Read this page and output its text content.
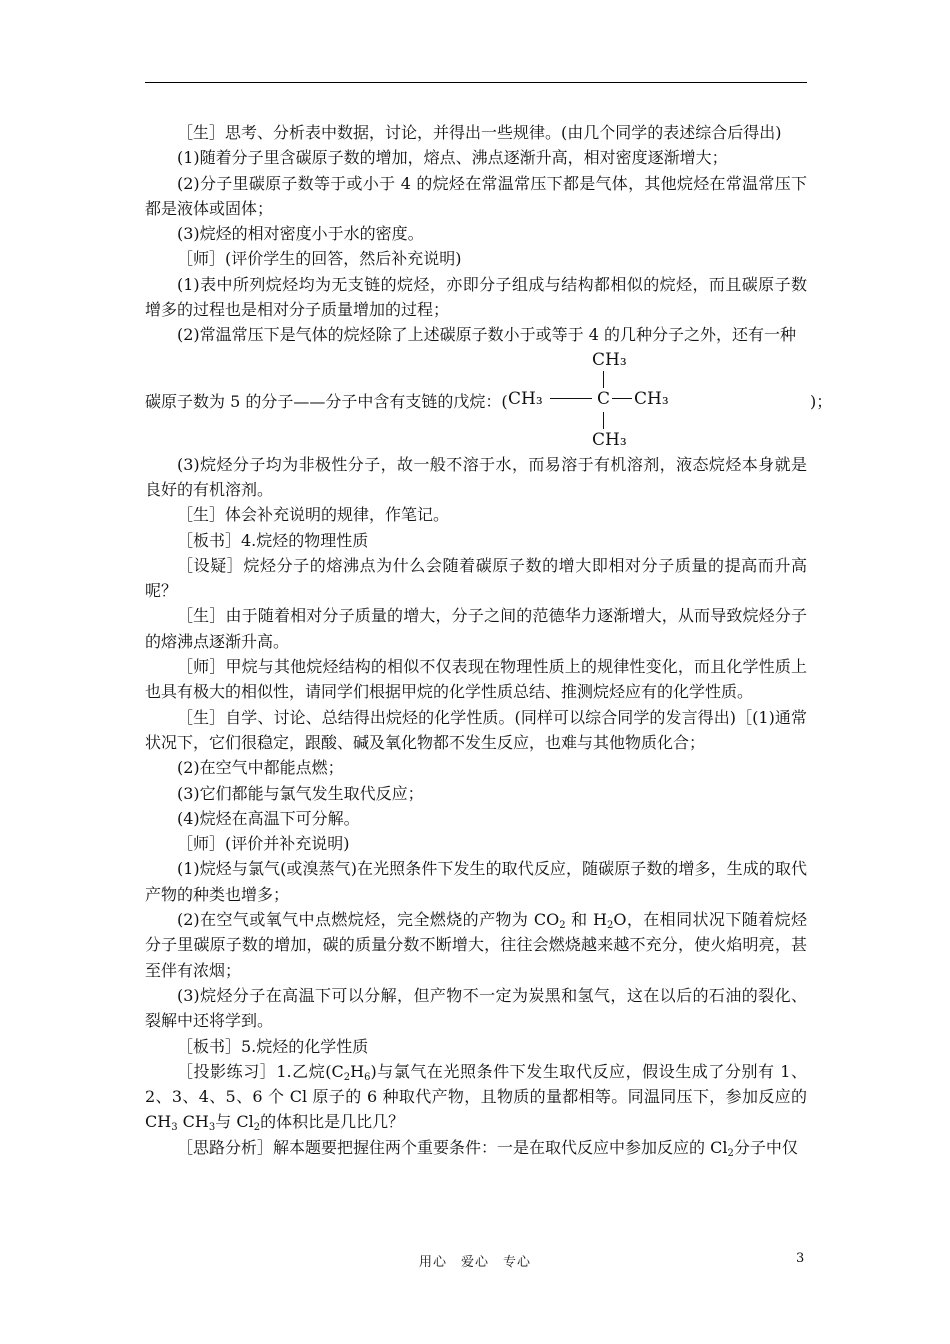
［生］思考、分析表中数据，讨论，并得出一些规律。(由几个同学的表述综合后得出)

(1)随着分子里含碳原子数的增加，熔点、沸点逐渐升高，相对密度逐渐增大；

(2)分子里碳原子数等于或小于 4 的烷烃在常温常压下都是气体，其他烷烃在常温常压下都是液体或固体；

(3)烷烃的相对密度小于水的密度。

［师］(评价学生的回答，然后补充说明)

(1)表中所列烷烃均为无支链的烷烃，亦即分子组成与结构都相似的烷烃，而且碳原子数增多的过程也是相对分子质量增加的过程；

(2)常温常压下是气体的烷烃除了上述碳原子数小于或等于 4 的几种分子之外，还有一种

碳原子数为 5 的分子——分子中含有支链的戊烷：(
CH₃
CH₃	C CH₃
CH₃
)；

(3)烷烃分子均为非极性分子，故一般不溶于水，而易溶于有机溶剂，液态烷烃本身就是良好的有机溶剂。

［生］体会补充说明的规律，作笔记。

［板书］4.烷烃的物理性质

［设疑］烷烃分子的熔沸点为什么会随着碳原子数的增大即相对分子质量的提高而升高呢？

［生］由于随着相对分子质量的增大，分子之间的范德华力逐渐增大，从而导致烷烃分子的熔沸点逐渐升高。

［师］甲烷与其他烷烃结构的相似不仅表现在物理性质上的规律性变化，而且化学性质上也具有极大的相似性，请同学们根据甲烷的化学性质总结、推测烷烃应有的化学性质。

［生］自学、讨论、总结得出烷烃的化学性质。(同样可以综合同学的发言得出)［(1)通常状况下，它们很稳定，跟酸、碱及氧化物都不发生反应，也难与其他物质化合；

(2)在空气中都能点燃；

(3)它们都能与氯气发生取代反应；

(4)烷烃在高温下可分解。

［师］(评价并补充说明)

(1)烷烃与氯气(或溴蒸气)在光照条件下发生的取代反应，随碳原子数的增多，生成的取代产物的种类也增多；

(2)在空气或氧气中点燃烷烃，完全燃烧的产物为 $CO_2$ 和 $H_2O$，在相同状况下随着烷烃分子里碳原子数的增加，碳的质量分数不断增大，往往会燃烧越来越不充分，使火焰明亮，甚至伴有浓烟；

(3)烷烃分子在高温下可以分解，但产物不一定为炭黑和氢气，这在以后的石油的裂化、裂解中还将学到。

［板书］5.烷烃的化学性质

［投影练习］1.乙烷$(C_2H_6)$与氯气在光照条件下发生取代反应，假设生成了分别有 1、2、3、4、5、6 个 Cl 原子的 6 种取代产物，且物质的量都相等。同温同压下，参加反应的 $CH_3$ $CH_3$与 $Cl_2$的体积比是几比几？

［思路分析］解本题要把握住两个重要条件：一是在取代反应中参加反应的 $Cl_2$分子中仅

用心　爱心　专心	3
